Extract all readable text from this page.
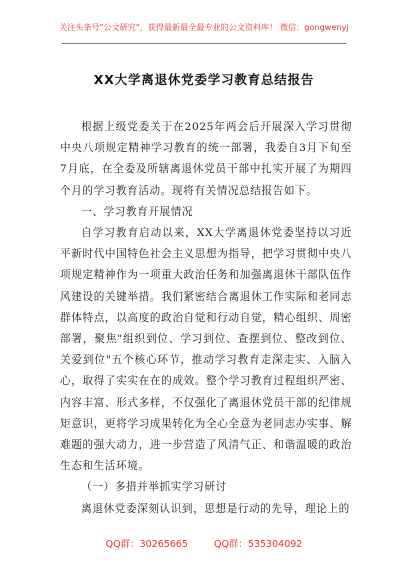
关注头条号"公文研究"，获得最新最全最专业的公文资料库！ 微信：gongwenyj
XX大学离退休党委学习教育总结报告

根据上级党委关于在2025年两会后开展深入学习贯彻中央八项规定精神学习教育的统一部署，我委自3月下旬至7月底，在全委及所辖离退休党员干部中扎实开展了为期四个月的学习教育活动。现将有关情况总结报告如下。

一、学习教育开展情况

自学习教育启动以来，XX大学离退休党委坚持以习近平新时代中国特色社会主义思想为指导，把学习贯彻中央八项规定精神作为一项重大政治任务和加强离退休干部队伍作风建设的关键举措。我们紧密结合离退休工作实际和老同志群体特点，以高度的政治自觉和行动自觉，精心组织、周密部署，聚焦"组织到位、学习到位、查摆到位、整改到位、关爱到位"五个核心环节，推动学习教育走深走实、入脑入心，取得了实实在在的成效。整个学习教育过程组织严密、内容丰富、形式多样，不仅强化了离退休党员干部的纪律规矩意识，更将学习成果转化为全心全意为老同志办实事、解难题的强大动力，进一步营造了风清气正、和谐温暖的政治生态和生活环境。

（一）多措并举抓实学习研讨

离退休党委深刻认识到，思想是行动的先导，理论上的

QQ群：30265665	QQ群：535304092
